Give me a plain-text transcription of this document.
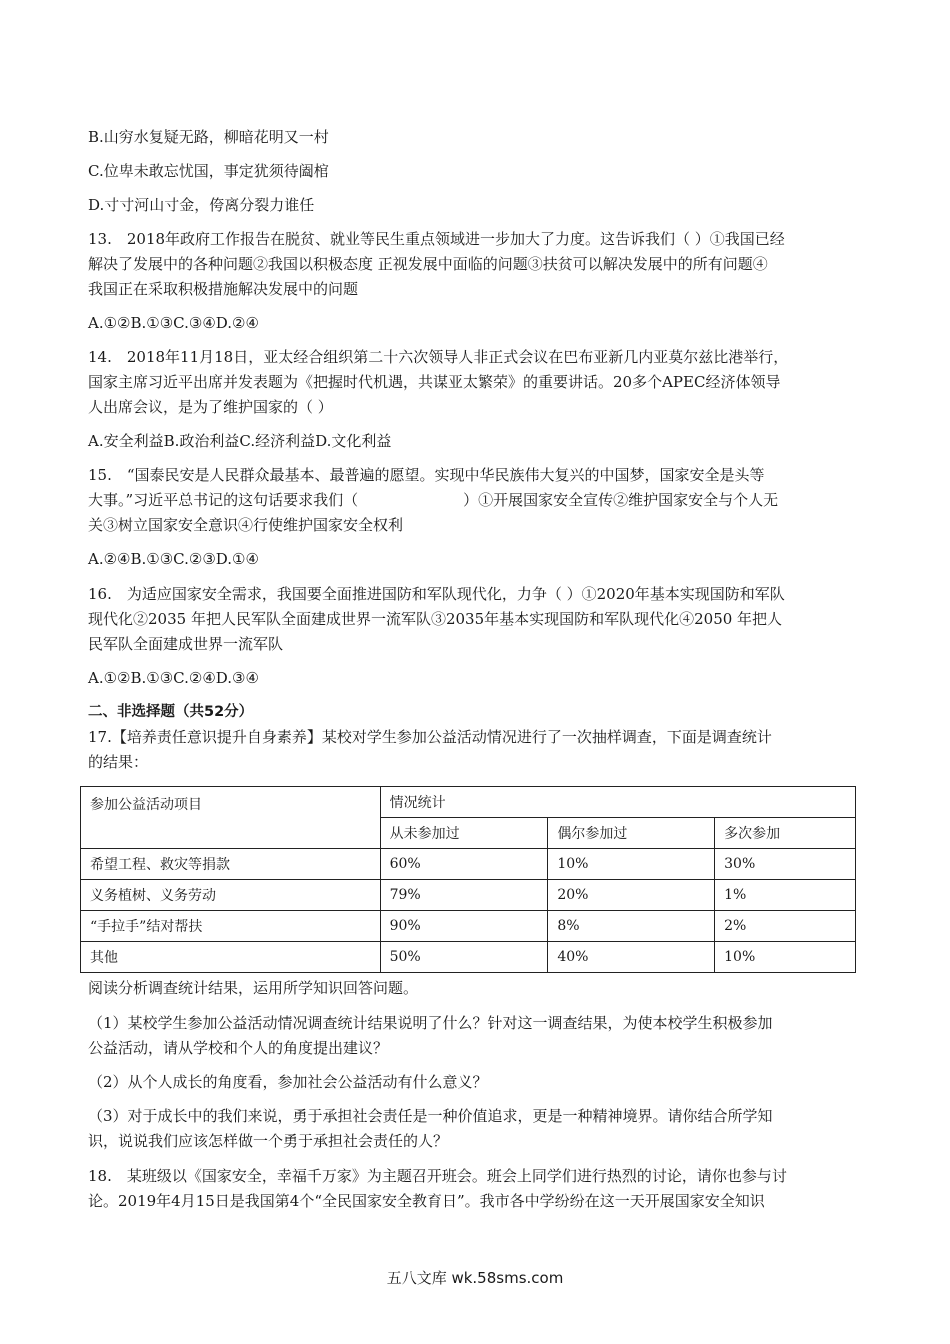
B.山穷水复疑无路，柳暗花明又一村
C.位卑未敢忘忧国，事定犹须待阖棺
D.寸寸河山寸金，侉离分裂力谁任
13.　2018年政府工作报告在脱贫、就业等民生重点领域进一步加大了力度。这告诉我们（ ）①我国已经
解决了发展中的各种问题②我国以积极态度 正视发展中面临的问题③扶贫可以解决发展中的所有问题④
我国正在采取积极措施解决发展中的问题
A.①②B.①③C.③④D.②④
14.　2018年11月18日，亚太经合组织第二十六次领导人非正式会议在巴布亚新几内亚莫尔兹比港举行，
国家主席习近平出席并发表题为《把握时代机遇，共谋亚太繁荣》的重要讲话。20多个APEC经济体领导
人出席会议，是为了维护国家的（ ）
A.安全利益B.政治利益C.经济利益D.文化利益
15.　“国泰民安是人民群众最基本、最普遍的愿望。实现中华民族伟大复兴的中国梦，国家安全是头等
大事。”习近平总书记的这句话要求我们（　　　　　　　）①开展国家安全宣传②维护国家安全与个人无
关③树立国家安全意识④行使维护国家安全权利
A.②④B.①③C.②③D.①④
16.　为适应国家安全需求，我国要全面推进国防和军队现代化，力争（ ）①2020年基本实现国防和军队
现代化②2035 年把人民军队全面建成世界一流军队③2035年基本实现国防和军队现代化④2050 年把人
民军队全面建成世界一流军队
A.①②B.①③C.②④D.③④
二、非选择题（共52分）
17.【培养责任意识提升自身素养】某校对学生参加公益活动情况进行了一次抽样调查，下面是调查统计
的结果：
参加公益活动项目	情况统计		
	从未参加过	偶尔参加过	多次参加
希望工程、救灾等捐款	60%	10%	30%
义务植树、义务劳动	79%	20%	1%
“手拉手”结对帮扶	90%	8%	2%
其他	50%	40%	10%
阅读分析调查统计结果，运用所学知识回答问题。
（1）某校学生参加公益活动情况调查统计结果说明了什么？针对这一调查结果，为使本校学生积极参加
公益活动，请从学校和个人的角度提出建议？
（2）从个人成长的角度看，参加社会公益活动有什么意义？
（3）对于成长中的我们来说，勇于承担社会责任是一种价值追求，更是一种精神境界。请你结合所学知
识，说说我们应该怎样做一个勇于承担社会责任的人？
18.　某班级以《国家安全，幸福千万家》为主题召开班会。班会上同学们进行热烈的讨论，请你也参与讨
论。2019年4月15日是我国第4个“全民国家安全教育日”。我市各中学纷纷在这一天开展国家安全知识
五八文库 wk.58sms.com
